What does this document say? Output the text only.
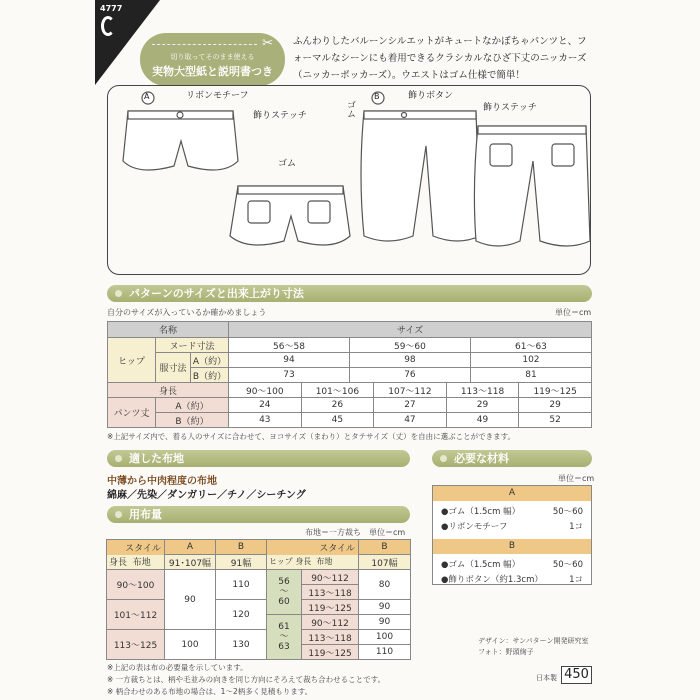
4777
✂
切り取ってそのまま使える
実物大型紙と説明書つき
ふんわりしたバルーンシルエットがキュートなかぼちゃパンツと、フォーマルなシーンにも着用できるクラシカルなひざ下丈のニッカーズ（ニッカーボッカーズ）。ウエストはゴム仕様で簡単！
A	B
リボンモチーフ
飾りステッチ
ゴム
飾りボタン
飾りステッチ
ゴム
パターンのサイズと出来上がり寸法
自分のサイズが入っているか確かめましょう	単位＝cm
名称			サイズ						
ヒップ	ヌード寸法		56〜58		59〜60			61〜63	
	服寸法	A（約）	94		98			102	
		B（約）	73		76			81	
身長			90〜100	101〜106		107〜112	113〜118		119〜125
パンツ丈	A（約）		24	26		27	29		29
	B（約）		43	45		47	49		52
※上記サイズ内で、着る人のサイズに合わせて、ヨコサイズ（まわり）とタテサイズ（丈）を自由に選ぶことができます。
適した布地
中薄から中肉程度の布地
綿麻／先染／ダンガリー／チノ／シーチング
用布量
布地＝一方裁ち　単位＝cm
スタイル	A	B
身長 布地	91･107幅	91幅
90〜100	90	110
101〜112		120
113〜125	100	130
スタイル		B
ヒップ 身長 布地		107幅
56
〜
60	90〜112	80
	113〜118	
	119〜125	90
61
〜
63	90〜112	90
	113〜118	100
	119〜125	110
※上記の表は布の必要量を示しています。
※ 一方裁ちとは、柄や毛並みの向きを同じ方向にそろえて裁ち合わせることです。
※ 柄合わせのある布地の場合は、1〜2柄多く見積もります。
必要な材料
単位＝cm
A
●ゴム（1.5cm 幅）	50〜60
●リボンモチーフ	1コ
B
●ゴム（1.5cm 幅）	50〜60
●飾りボタン（約1.3cm）	1コ
デザイン：サンパターン開発研究室
フォト：野頭絢子
日本製 450
